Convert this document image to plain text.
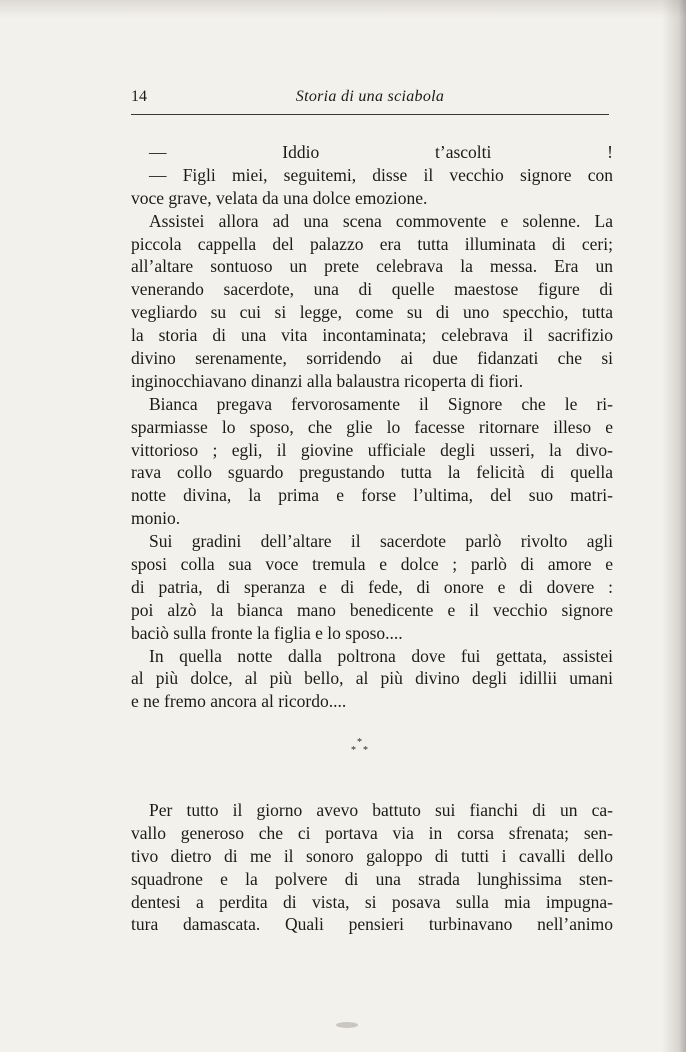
14	Storia di una sciabola
— Iddio t’ascolti !
— Figli miei, seguitemi, disse il vecchio signore con
voce grave, velata da una dolce emozione.
Assistei allora ad una scena commovente e solenne. La
piccola cappella del palazzo era tutta illuminata di ceri;
all’altare sontuoso un prete celebrava la messa. Era un
venerando sacerdote, una di quelle maestose figure di
vegliardo su cui si legge, come su di uno specchio, tutta
la storia di una vita incontaminata; celebrava il sacrifizio
divino serenamente, sorridendo ai due fidanzati che si
inginocchiavano dinanzi alla balaustra ricoperta di fiori.
Bianca pregava fervorosamente il Signore che le ri-
sparmiasse lo sposo, che glie lo facesse ritornare illeso e
vittorioso ; egli, il giovine ufficiale degli usseri, la divo-
rava collo sguardo pregustando tutta la felicità di quella
notte divina, la prima e forse l’ultima, del suo matri-
monio.
Sui gradini dell’altare il sacerdote parlò rivolto agli
sposi colla sua voce tremula e dolce ; parlò di amore e
di patria, di speranza e di fede, di onore e di dovere :
poi alzò la bianca mano benedicente e il vecchio signore
baciò sulla fronte la figlia e lo sposo....
In quella notte dalla poltrona dove fui gettata, assistei
al più dolce, al più bello, al più divino degli idillii umani
e ne fremo ancora al ricordo....
*
* *
Per tutto il giorno avevo battuto sui fianchi di un ca-
vallo generoso che ci portava via in corsa sfrenata; sen-
tivo dietro di me il sonoro galoppo di tutti i cavalli dello
squadrone e la polvere di una strada lunghissima sten-
dentesi a perdita di vista, si posava sulla mia impugna-
tura damascata. Quali pensieri turbinavano nell’animo
